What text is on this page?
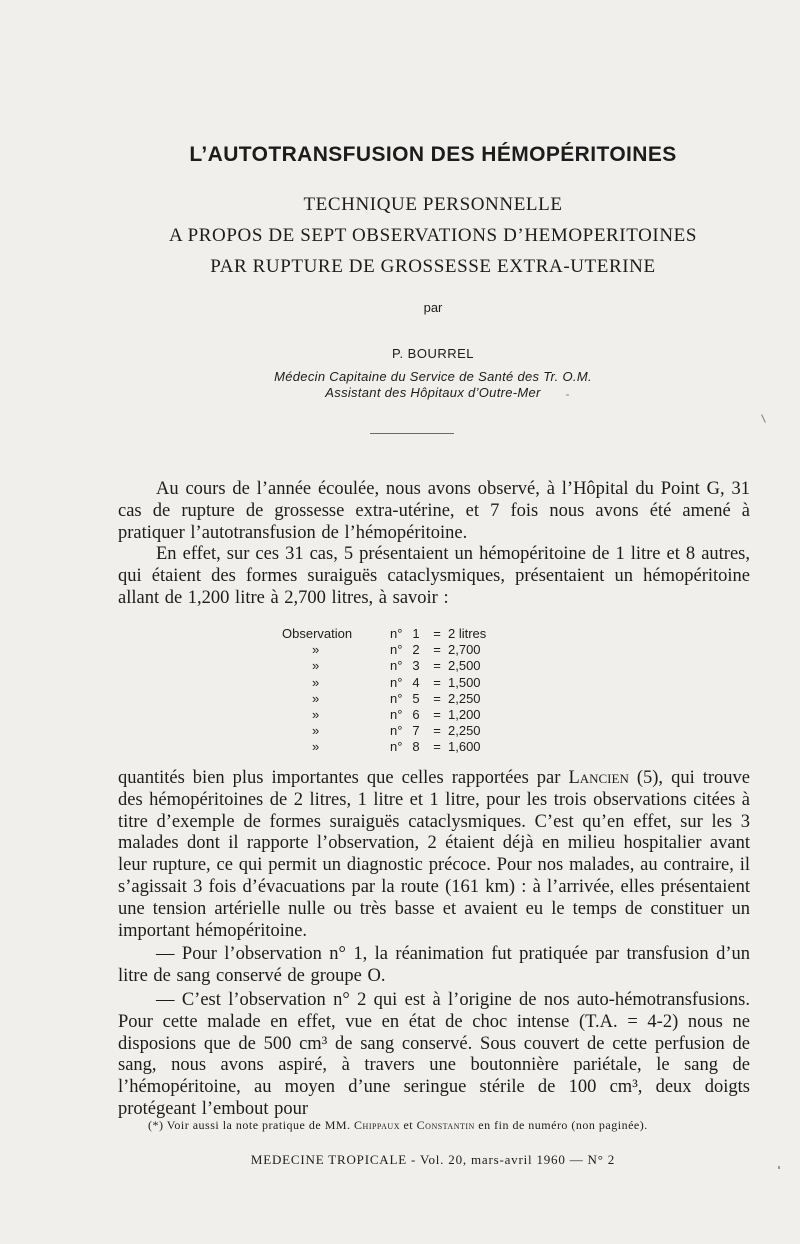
L’AUTOTRANSFUSION DES HÉMOPÉRITOINES
TECHNIQUE PERSONNELLE
A PROPOS DE SEPT OBSERVATIONS D’HEMOPERITOINES
PAR RUPTURE DE GROSSESSE EXTRA-UTERINE
par
P. BOURREL
Médecin Capitaine du Service de Santé des Tr. O.M.
Assistant des Hôpitaux d’Outre-Mer
Au cours de l’année écoulée, nous avons observé, à l’Hôpital du Point G, 31 cas de rupture de grossesse extra-utérine, et 7 fois nous avons été amené à pratiquer l’autotransfusion de l’hémopéritoine.
En effet, sur ces 31 cas, 5 présentaient un hémopéritoine de 1 litre et 8 autres, qui étaient des formes suraiguës cataclysmiques, présentaient un hémopéritoine allant de 1,200 litre à 2,700 litres, à savoir :
Observation	n°	1	=	2 litres
»	n°	2	=	2,700
»	n°	3	=	2,500
»	n°	4	=	1,500
»	n°	5	=	2,250
»	n°	6	=	1,200
»	n°	7	=	2,250
»	n°	8	=	1,600
quantités bien plus importantes que celles rapportées par Lancien (5), qui trouve des hémopéritoines de 2 litres, 1 litre et 1 litre, pour les trois observations citées à titre d’exemple de formes suraiguës cataclysmiques. C’est qu’en effet, sur les 3 malades dont il rapporte l’observation, 2 étaient déjà en milieu hospitalier avant leur rupture, ce qui permit un diagnostic précoce. Pour nos malades, au contraire, il s’agissait 3 fois d’évacuations par la route (161 km) : à l’arrivée, elles présentaient une tension artérielle nulle ou très basse et avaient eu le temps de constituer un important hémopéritoine.
— Pour l’observation n° 1, la réanimation fut pratiquée par transfusion d’un litre de sang conservé de groupe O.
— C’est l’observation n° 2 qui est à l’origine de nos auto-hémotransfusions. Pour cette malade en effet, vue en état de choc intense (T.A. = 4-2) nous ne disposions que de 500 cm³ de sang conservé. Sous couvert de cette perfusion de sang, nous avons aspiré, à travers une boutonnière pariétale, le sang de l’hémopéritoine, au moyen d’une seringue stérile de 100 cm³, deux doigts protégeant l’embout pour
(*) Voir aussi la note pratique de MM. Chippaux et Constantin en fin de numéro (non paginée).
MEDECINE TROPICALE - Vol. 20, mars-avril 1960 — N° 2
